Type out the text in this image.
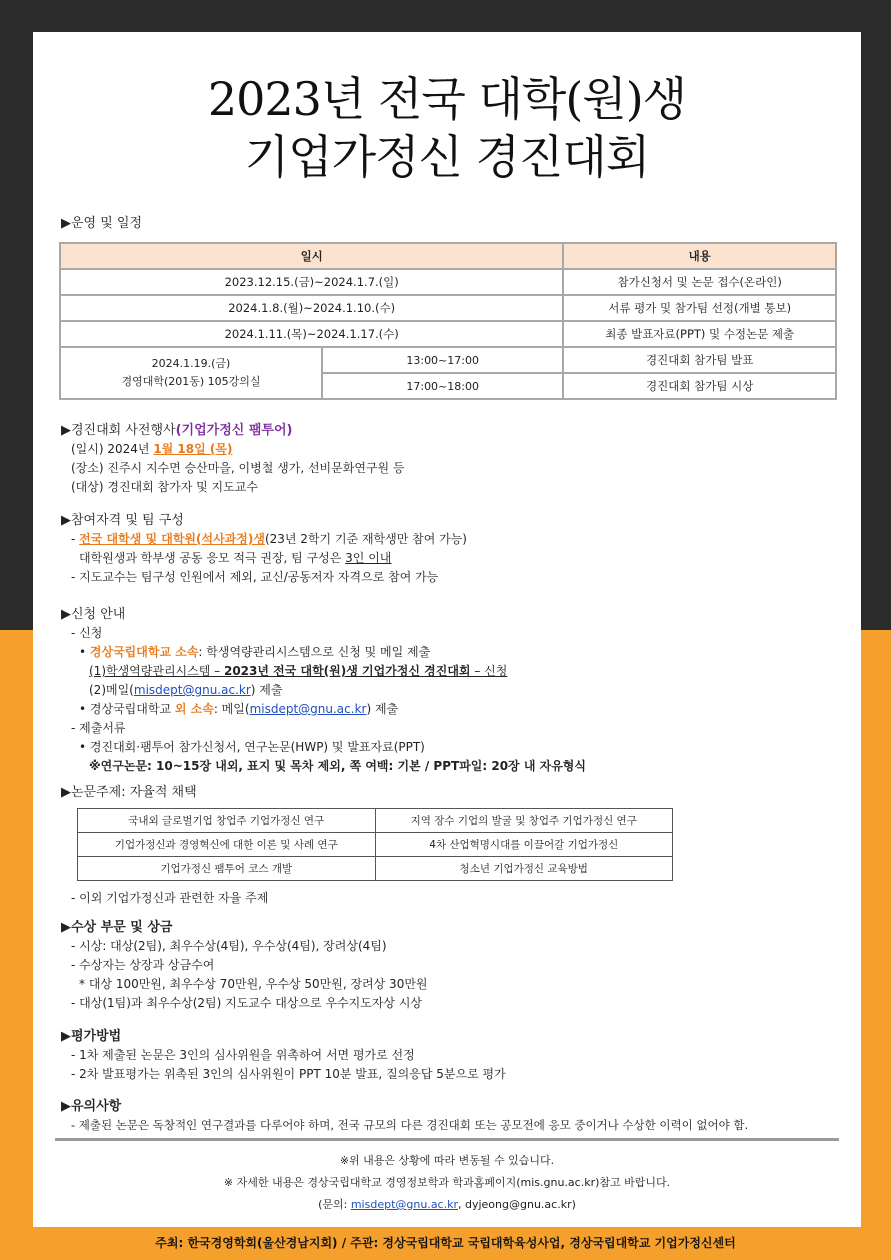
2023년 전국 대학(원)생
기업가정신 경진대회
▶운영 및 일정
일시		내용
2023.12.15.(금)~2024.1.7.(일)		참가신청서 및 논문 접수(온라인)
2024.1.8.(월)~2024.1.10.(수)		서류 평가 및 참가팀 선정(개별 통보)
2024.1.11.(목)~2024.1.17.(수)		최종 발표자료(PPT) 및 수정논문 제출

2024.1.19.(금)
경영대학(201동) 105강의실	13:00~17:00	경진대회 참가팀 발표
	17:00~18:00	경진대회 참가팀 시상
▶경진대회 사전행사(기업가정신 팸투어)
(일시) 2024년 1월 18일 (목)
(장소) 진주시 지수면 승산마을, 이병철 생가, 선비문화연구원 등
(대상) 경진대회 참가자 및 지도교수
▶참여자격 및 팀 구성
- 전국 대학생 및 대학원(석사과정)생(23년 2학기 기준 재학생만 참여 가능)
대학원생과 학부생 공동 응모 적극 권장, 팀 구성은 3인 이내
- 지도교수는 팀구성 인원에서 제외, 교신/공동저자 자격으로 참여 가능
▶신청 안내
- 신청
• 경상국립대학교 소속: 학생역량관리시스템으로 신청 및 메일 제출
(1)학생역량관리시스템 – 2023년 전국 대학(원)생 기업가정신 경진대회 – 신청
(2)메일(misdept@gnu.ac.kr) 제출
• 경상국립대학교 외 소속: 메일(misdept@gnu.ac.kr) 제출
- 제출서류
• 경진대회·팸투어 참가신청서, 연구논문(HWP) 및 발표자료(PPT)
※연구논문: 10~15장 내외, 표지 및 목차 제외, 쪽 여백: 기본 / PPT파일: 20장 내 자유형식
▶논문주제: 자율적 채택
국내외 글로벌기업 창업주 기업가정신 연구	지역 장수 기업의 발굴 및 창업주 기업가정신 연구
기업가정신과 경영혁신에 대한 이론 및 사례 연구	4차 산업혁명시대를 이끌어갈 기업가정신
기업가정신 팸투어 코스 개발	청소년 기업가정신 교육방법
- 이외 기업가정신과 관련한 자율 주제
▶수상 부문 및 상금
- 시상: 대상(2팀), 최우수상(4팀), 우수상(4팀), 장려상(4팀)
- 수상자는 상장과 상금수여
* 대상 100만원, 최우수상 70만원, 우수상 50만원, 장려상 30만원
- 대상(1팀)과 최우수상(2팀) 지도교수 대상으로 우수지도자상 시상
▶평가방법
- 1차 제출된 논문은 3인의 심사위원을 위촉하여 서면 평가로 선정
- 2차 발표평가는 위촉된 3인의 심사위원이 PPT 10분 발표, 질의응답 5분으로 평가
▶유의사항
- 제출된 논문은 독창적인 연구결과를 다루어야 하며, 전국 규모의 다른 경진대회 또는 공모전에 응모 중이거나 수상한 이력이 없어야 함.
※위 내용은 상황에 따라 변동될 수 있습니다.
※ 자세한 내용은 경상국립대학교 경영정보학과 학과홈페이지(mis.gnu.ac.kr)참고 바랍니다.
(문의: misdept@gnu.ac.kr, dyjeong@gnu.ac.kr)
주최: 한국경영학회(울산경남지회) / 주관: 경상국립대학교 국립대학육성사업, 경상국립대학교 기업가정신센터
